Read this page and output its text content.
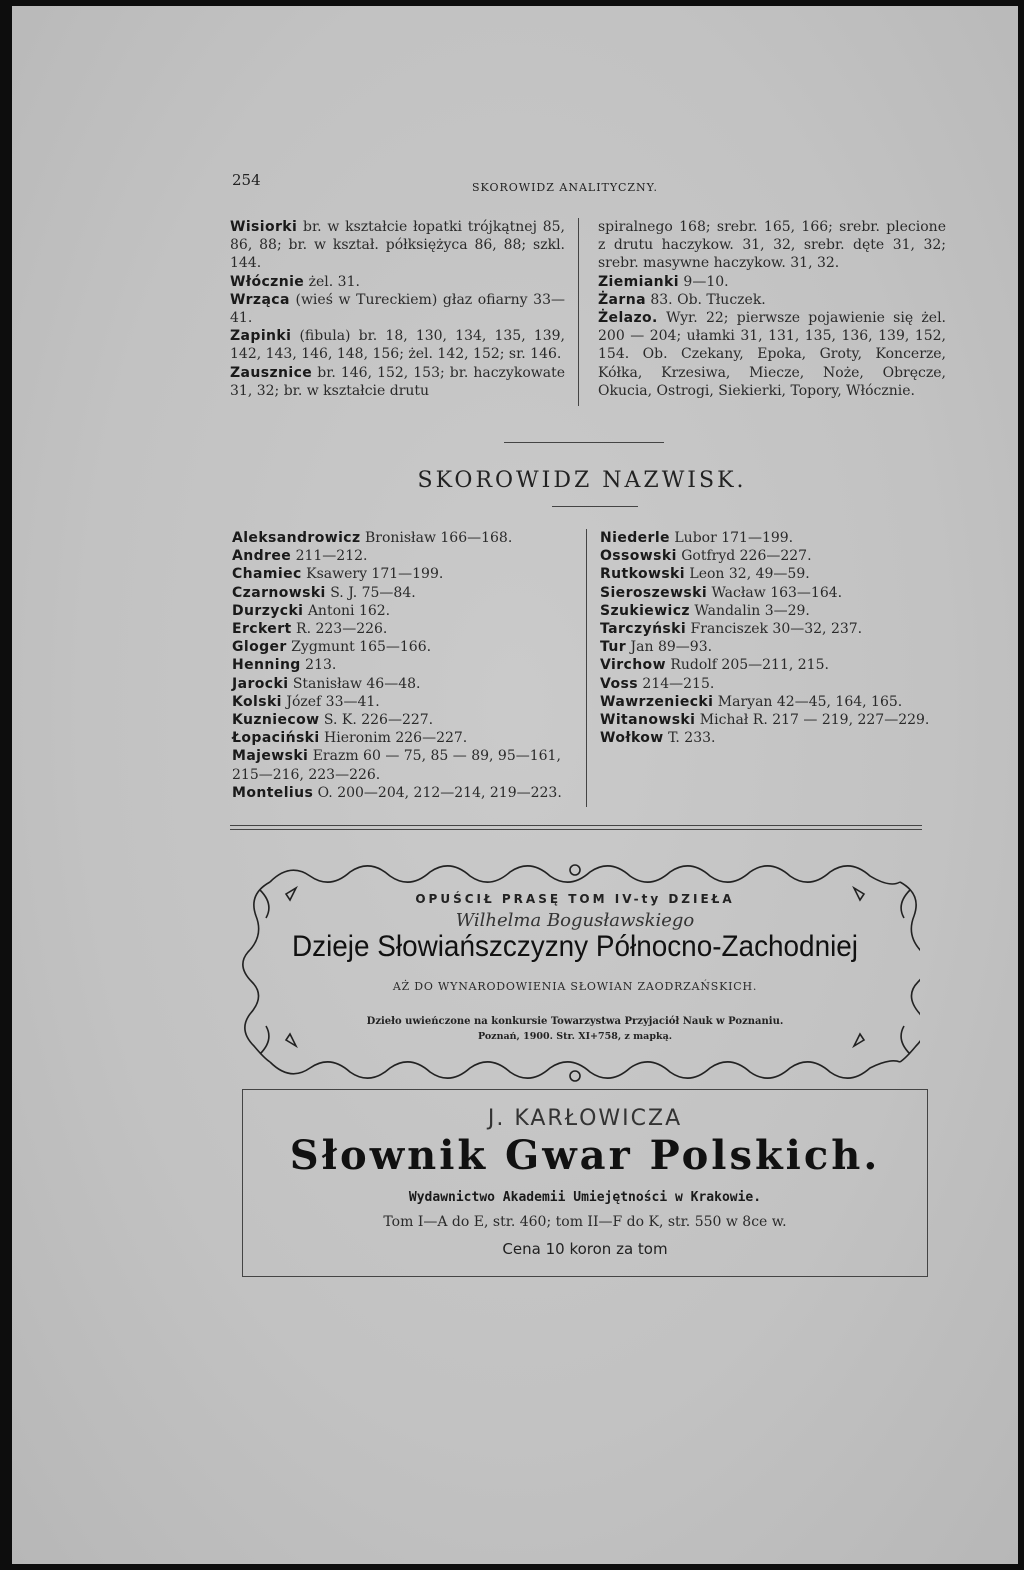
254	SKOROWIDZ ANALITYCZNY.

Wisiorki br. w kształcie łopatki trójkątnej 85, 86, 88; br. w kształ. półksiężyca 86, 88; szkl. 144.

Włócznie żel. 31.

Wrząca (wieś w Tureckiem) głaz ofiarny 33—41.

Zapinki (fibula) br. 18, 130, 134, 135, 139, 142, 143, 146, 148, 156; żel. 142, 152; sr. 146.

Zausznice br. 146, 152, 153; br. haczykowate 31, 32; br. w kształcie drutu

spiralnego 168; srebr. 165, 166; srebr. plecione z drutu haczykow. 31, 32, srebr. dęte 31, 32; srebr. masywne haczykow. 31, 32.

Ziemianki 9—10.

Żarna 83. Ob. Tłuczek.

Żelazo. Wyr. 22; pierwsze pojawienie się żel. 200 — 204; ułamki 31, 131, 135, 136, 139, 152, 154. Ob. Czekany, Epoka, Groty, Koncerze, Kółka, Krzesiwa, Miecze, Noże, Obręcze, Okucia, Ostrogi, Siekierki, Topory, Włócznie.

SKOROWIDZ NAZWISK.

Aleksandrowicz Bronisław 166—168.

Andree 211—212.

Chamiec Ksawery 171—199.

Czarnowski S. J. 75—84.

Durzycki Antoni 162.

Erckert R. 223—226.

Gloger Zygmunt 165—166.

Henning 213.

Jarocki Stanisław 46—48.

Kolski Józef 33—41.

Kuzniecow S. K. 226—227.

Łopaciński Hieronim 226—227.

Majewski Erazm 60 — 75, 85 — 89, 95—161, 215—216, 223—226.

Montelius O. 200—204, 212—214, 219—223.

Niederle Lubor 171—199.

Ossowski Gotfryd 226—227.

Rutkowski Leon 32, 49—59.

Sieroszewski Wacław 163—164.

Szukiewicz Wandalin 3—29.

Tarczyński Franciszek 30—32, 237.

Tur Jan 89—93.

Virchow Rudolf 205—211, 215.

Voss 214—215.

Wawrzeniecki Maryan 42—45, 164, 165.

Witanowski Michał R. 217 — 219, 227—229.

Wołkow T. 233.

OPUŚCIŁ PRASĘ TOM IV-ty DZIEŁA
Wilhelma Bogusławskiego
Dzieje Słowiańszczyzny Północno-Zachodniej
AŻ DO WYNARODOWIENIA SŁOWIAN ZAODRZAŃSKICH.
Dzieło uwieńczone na konkursie Towarzystwa Przyjaciół Nauk w Poznaniu.
Poznań, 1900. Str. XI+758, z mapką.
J. KARŁOWICZA
Słownik Gwar Polskich.
Wydawnictwo Akademii Umiejętności w Krakowie.
Tom I—A do E, str. 460; tom II—F do K, str. 550 w 8ce w.
Cena 10 koron za tom
